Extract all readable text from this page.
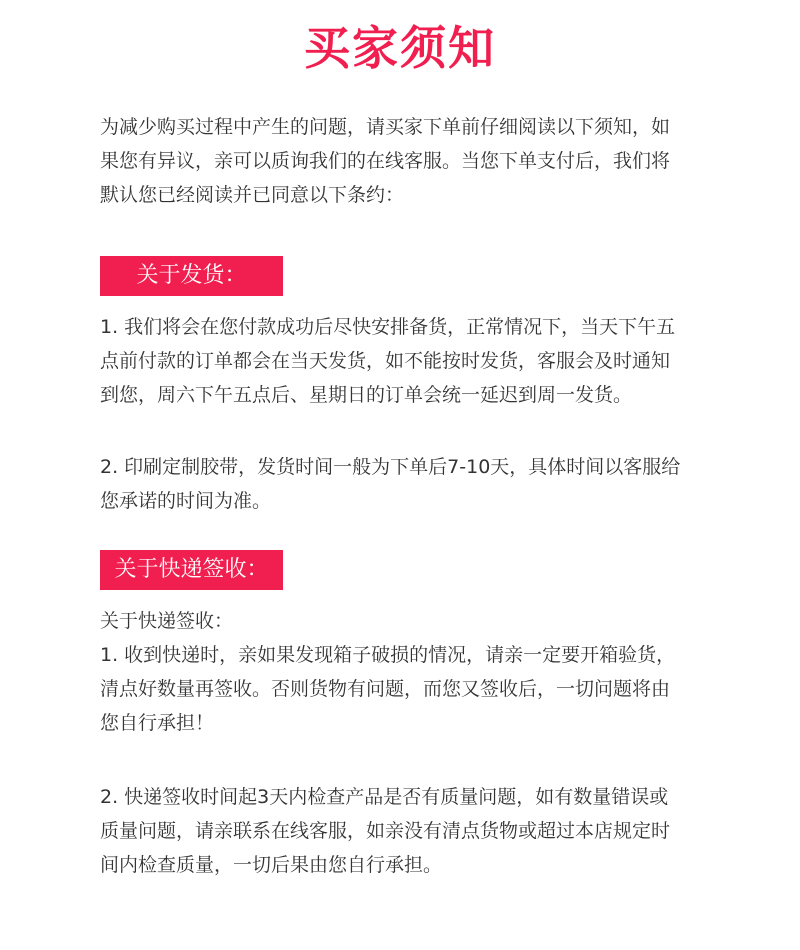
买家须知
为减少购买过程中产生的问题，请买家下单前仔细阅读以下须知，如
果您有异议，亲可以质询我们的在线客服。当您下单支付后，我们将
默认您已经阅读并已同意以下条约：
关于发货：
1. 我们将会在您付款成功后尽快安排备货，正常情况下，当天下午五
点前付款的订单都会在当天发货，如不能按时发货，客服会及时通知
到您，周六下午五点后、星期日的订单会统一延迟到周一发货。
2. 印刷定制胶带，发货时间一般为下单后7-10天，具体时间以客服给
您承诺的时间为准。
关于快递签收：
关于快递签收：
1. 收到快递时，亲如果发现箱子破损的情况，请亲一定要开箱验货，
清点好数量再签收。否则货物有问题，而您又签收后，一切问题将由
您自行承担！
2. 快递签收时间起3天内检查产品是否有质量问题，如有数量错误或
质量问题，请亲联系在线客服，如亲没有清点货物或超过本店规定时
间内检查质量，一切后果由您自行承担。
